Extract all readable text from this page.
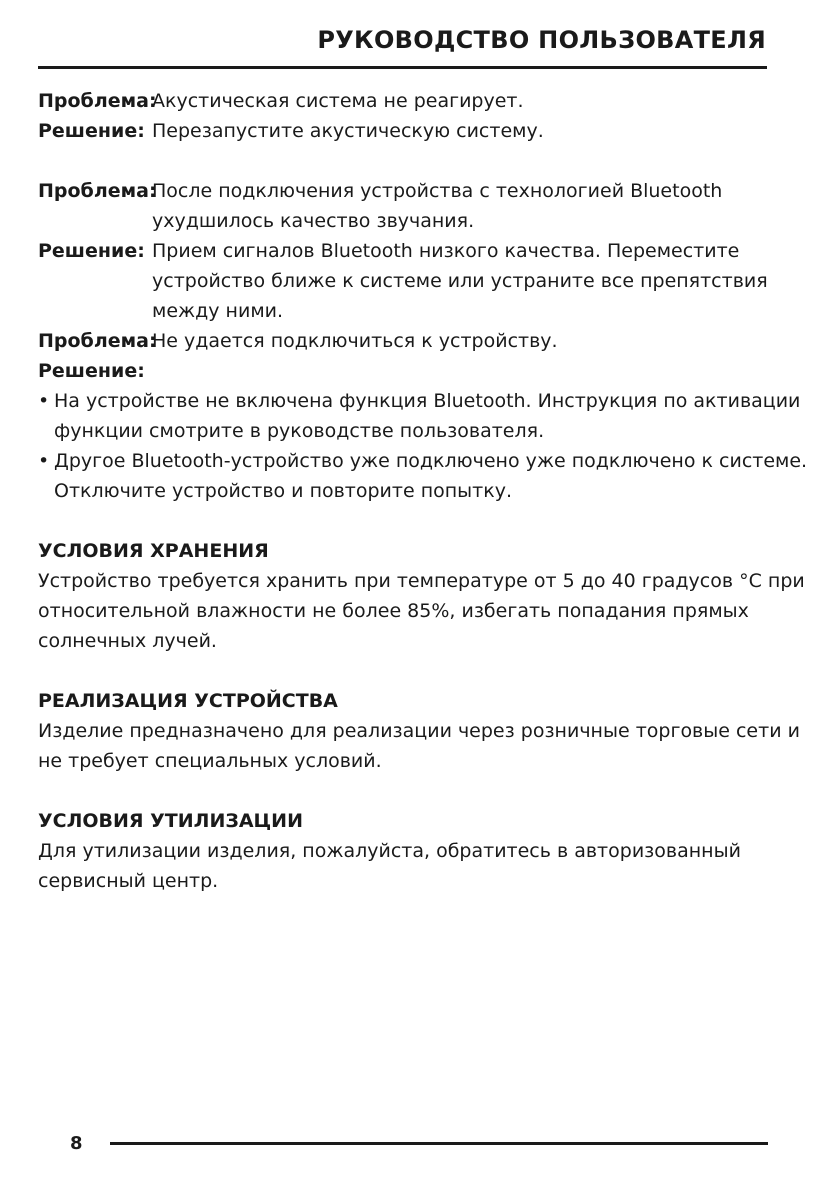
РУКОВОДСТВО ПОЛЬЗОВАТЕЛЯ
Проблема:
Акустическая система не реагирует.
Решение: Перезапустите акустическую систему.
Проблема:
После подключения устройства с технологией Bluetooth ухудшилось качество звучания.
Решение: Прием сигналов Bluetooth низкого качества. Переместите устройство ближе к системе или устраните все препятствия между ними.
Проблема:
Не удается подключиться к устройству.
Решение:
• На устройстве не включена функция Bluetooth. Инструкция по активации функции смотрите в руководстве пользователя.
• Другое Bluetooth-устройство уже подключено уже подключено к системе. Отключите устройство и повторите попытку.
УСЛОВИЯ ХРАНЕНИЯ
Устройство требуется хранить при температуре от 5 до 40 градусов °С при относительной влажности не более 85%, избегать попадания прямых солнечных лучей.
РЕАЛИЗАЦИЯ УСТРОЙСТВА
Изделие предназначено для реализации через розничные торговые сети и не требует специальных условий.
УСЛОВИЯ УТИЛИЗАЦИИ
Для утилизации изделия, пожалуйста, обратитесь в авторизованный сервисный центр.
8
